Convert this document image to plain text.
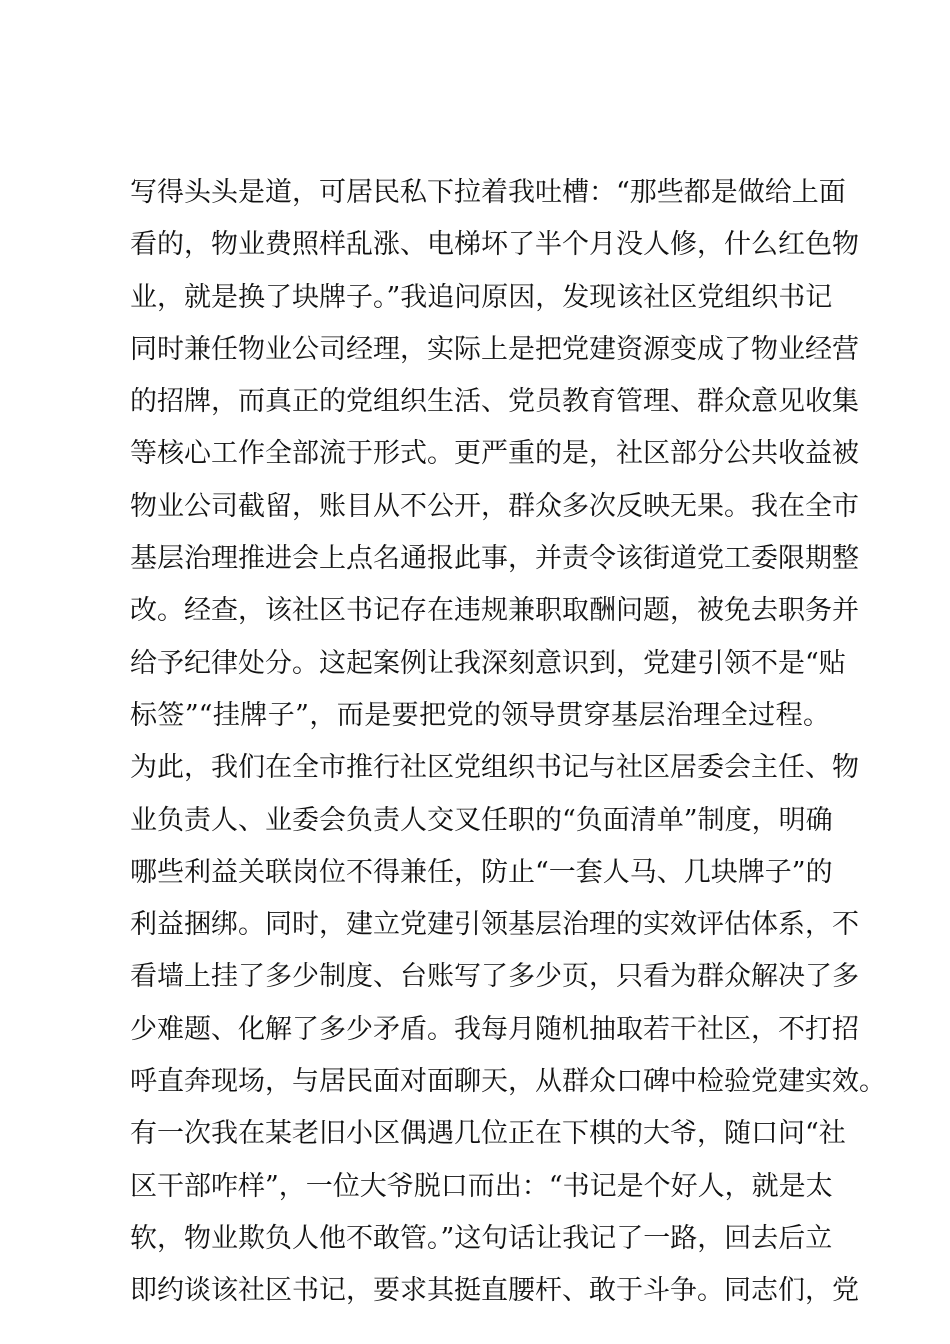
写得头头是道，可居民私下拉着我吐槽：“那些都是做给上面
看的，物业费照样乱涨、电梯坏了半个月没人修，什么红色物
业，就是换了块牌子。”我追问原因，发现该社区党组织书记
同时兼任物业公司经理，实际上是把党建资源变成了物业经营
的招牌，而真正的党组织生活、党员教育管理、群众意见收集
等核心工作全部流于形式。更严重的是，社区部分公共收益被
物业公司截留，账目从不公开，群众多次反映无果。我在全市
基层治理推进会上点名通报此事，并责令该街道党工委限期整
改。经查，该社区书记存在违规兼职取酬问题，被免去职务并
给予纪律处分。这起案例让我深刻意识到，党建引领不是“贴
标签”“挂牌子”，而是要把党的领导贯穿基层治理全过程。
为此，我们在全市推行社区党组织书记与社区居委会主任、物
业负责人、业委会负责人交叉任职的“负面清单”制度，明确
哪些利益关联岗位不得兼任，防止“一套人马、几块牌子”的
利益捆绑。同时，建立党建引领基层治理的实效评估体系，不
看墙上挂了多少制度、台账写了多少页，只看为群众解决了多
少难题、化解了多少矛盾。我每月随机抽取若干社区，不打招
呼直奔现场，与居民面对面聊天，从群众口碑中检验党建实效。
有一次我在某老旧小区偶遇几位正在下棋的大爷，随口问“社
区干部咋样”，一位大爷脱口而出：“书记是个好人，就是太
软，物业欺负人他不敢管。”这句话让我记了一路，回去后立
即约谈该社区书记，要求其挺直腰杆、敢于斗争。同志们，党
